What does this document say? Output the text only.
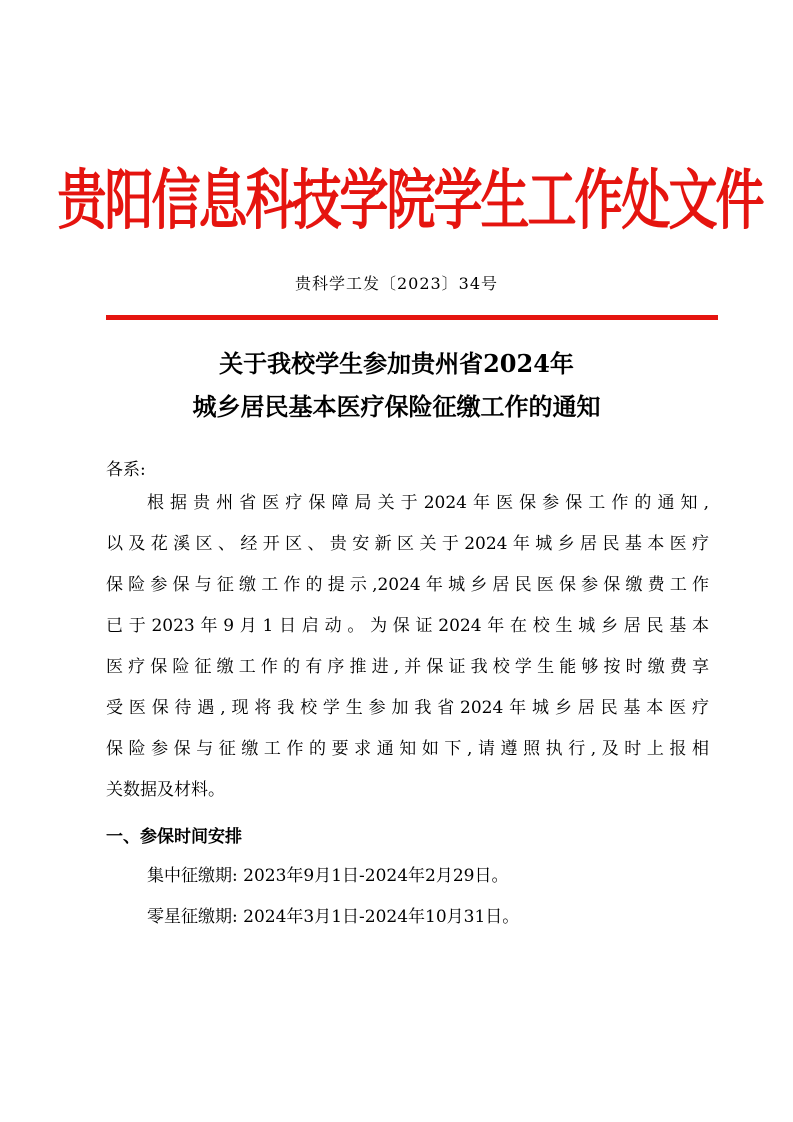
贵阳信息科技学院学生工作处文件
贵科学工发〔2023〕34号
关于我校学生参加贵州省2024年
城乡居民基本医疗保险征缴工作的通知
各系:
根据贵州省医疗保障局关于2024年医保参保工作的通知,
以及花溪区、经开区、贵安新区关于2024年城乡居民基本医疗
保险参保与征缴工作的提示,2024年城乡居民医保参保缴费工作
已于2023年9月1日启动。为保证2024年在校生城乡居民基本
医疗保险征缴工作的有序推进,并保证我校学生能够按时缴费享
受医保待遇,现将我校学生参加我省2024年城乡居民基本医疗
保险参保与征缴工作的要求通知如下,请遵照执行,及时上报相
关数据及材料。
一、参保时间安排
集中征缴期: 2023年9月1日-2024年2月29日。
零星征缴期: 2024年3月1日-2024年10月31日。
